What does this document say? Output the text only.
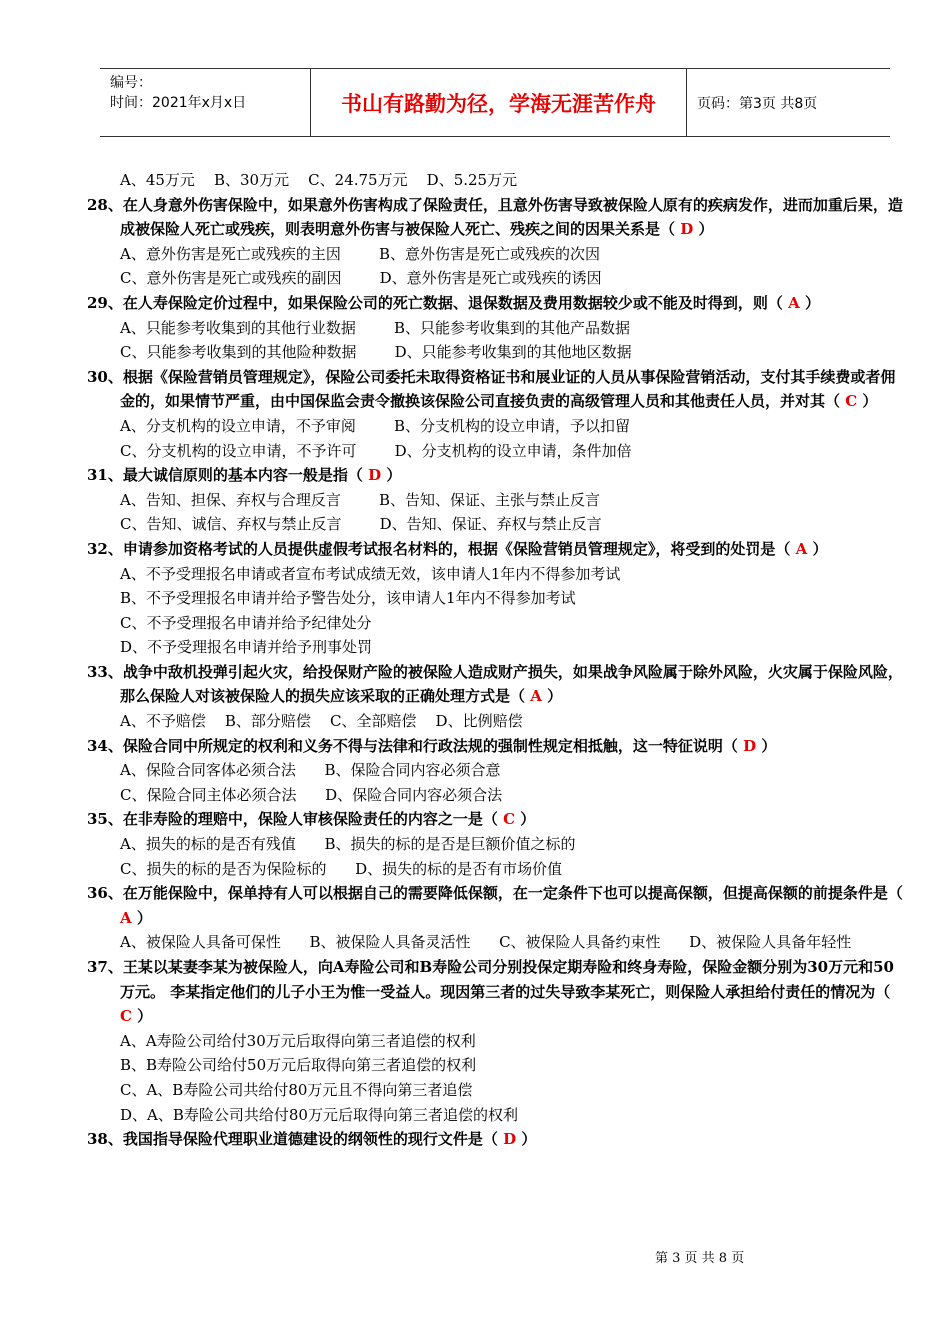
编号：
时间：2021年x月x日	书山有路勤为径，学海无涯苦作舟	页码：第3页 共8页
A、45万元    B、30万元    C、24.75万元    D、5.25万元
28、在人身意外伤害保险中，如果意外伤害构成了保险责任，且意外伤害导致被保险人原有的疾病发作，进而加重后果，造成被保险人死亡或残疾，则表明意外伤害与被保险人死亡、残疾之间的因果关系是（ D ）
A、意外伤害是死亡或残疾的主因        B、意外伤害是死亡或残疾的次因
C、意外伤害是死亡或残疾的副因        D、意外伤害是死亡或残疾的诱因
29、在人寿保险定价过程中，如果保险公司的死亡数据、退保数据及费用数据较少或不能及时得到，则（ A ）
A、只能参考收集到的其他行业数据        B、只能参考收集到的其他产品数据
C、只能参考收集到的其他险种数据        D、只能参考收集到的其他地区数据
30、根据《保险营销员管理规定》，保险公司委托未取得资格证书和展业证的人员从事保险营销活动，支付其手续费或者佣金的，如果情节严重，由中国保监会责令撤换该保险公司直接负责的高级管理人员和其他责任人员，并对其（ C ）
A、分支机构的设立申请，不予审阅        B、分支机构的设立申请，予以扣留
C、分支机构的设立申请，不予许可        D、分支机构的设立申请，条件加倍
31、最大诚信原则的基本内容一般是指（ D ）
A、告知、担保、弃权与合理反言        B、告知、保证、主张与禁止反言
C、告知、诚信、弃权与禁止反言        D、告知、保证、弃权与禁止反言
32、申请参加资格考试的人员提供虚假考试报名材料的，根据《保险营销员管理规定》，将受到的处罚是（ A ）
A、不予受理报名申请或者宣布考试成绩无效，该申请人1年内不得参加考试
B、不予受理报名申请并给予警告处分，该申请人1年内不得参加考试
C、不予受理报名申请并给予纪律处分
D、不予受理报名申请并给予刑事处罚
33、战争中敌机投弹引起火灾，给投保财产险的被保险人造成财产损失，如果战争风险属于除外风险，火灾属于保险风险，那么保险人对该被保险人的损失应该采取的正确处理方式是（ A ）
A、不予赔偿    B、部分赔偿    C、全部赔偿    D、比例赔偿
34、保险合同中所规定的权利和义务不得与法律和行政法规的强制性规定相抵触，这一特征说明（ D ）
A、保险合同客体必须合法      B、保险合同内容必须合意
C、保险合同主体必须合法      D、保险合同内容必须合法
35、在非寿险的理赔中，保险人审核保险责任的内容之一是（ C ）
A、损失的标的是否有残值      B、损失的标的是否是巨额价值之标的
C、损失的标的是否为保险标的      D、损失的标的是否有市场价值
36、在万能保险中，保单持有人可以根据自己的需要降低保额，在一定条件下也可以提高保额，但提高保额的前提条件是（ A ）
A、被保险人具备可保性      B、被保险人具备灵活性      C、被保险人具备约束性      D、被保险人具备年轻性
37、王某以某妻李某为被保险人，向A寿险公司和B寿险公司分别投保定期寿险和终身寿险，保险金额分别为30万元和50万元。 李某指定他们的儿子小王为惟一受益人。现因第三者的过失导致李某死亡，则保险人承担给付责任的情况为（ C ）
A、A寿险公司给付30万元后取得向第三者追偿的权利
B、B寿险公司给付50万元后取得向第三者追偿的权利
C、A、B寿险公司共给付80万元且不得向第三者追偿
D、A、B寿险公司共给付80万元后取得向第三者追偿的权利
38、我国指导保险代理职业道德建设的纲领性的现行文件是（ D ）
第 3 页 共 8 页
